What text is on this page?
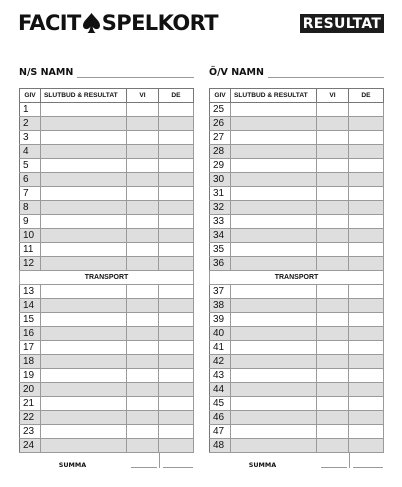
FACIT SPELKORT	RESULTAT
N/S NAMN	Ö/V NAMN
GIV	SLUTBUD & RESULTAT	VI	DE
1			
2			
3			
4			
5			
6			
7			
8			
9			
10			
11			
12			
TRANSPORT			
13			
14			
15			
16			
17			
18			
19			
20			
21			
22			
23			
24			
GIV	SLUTBUD & RESULTAT	VI	DE
25			
26			
27			
28			
29			
30			
31			
32			
33			
34			
35			
36			
TRANSPORT			
37			
38			
39			
40			
41			
42			
43			
44			
45			
46			
47			
48			
SUMMA	SUMMA
